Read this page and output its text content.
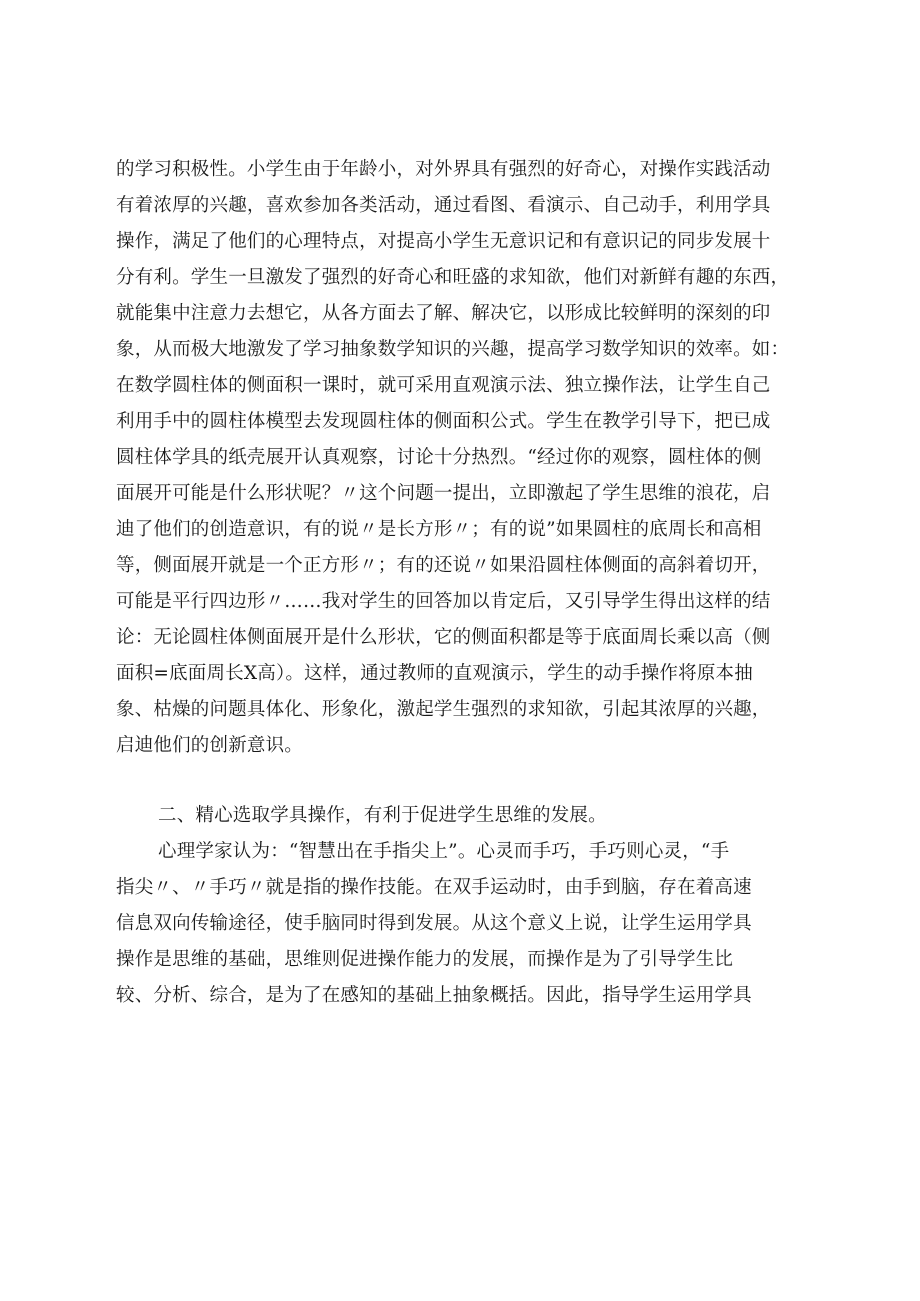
的学习积极性。小学生由于年龄小，对外界具有强烈的好奇心，对操作实践活动
有着浓厚的兴趣，喜欢参加各类活动，通过看图、看演示、自己动手，利用学具
操作，满足了他们的心理特点，对提高小学生无意识记和有意识记的同步发展十
分有利。学生一旦激发了强烈的好奇心和旺盛的求知欲，他们对新鲜有趣的东西，
就能集中注意力去想它，从各方面去了解、解决它，以形成比较鲜明的深刻的印
象，从而极大地激发了学习抽象数学知识的兴趣，提高学习数学知识的效率。如：
在数学圆柱体的侧面积一课时，就可采用直观演示法、独立操作法，让学生自己
利用手中的圆柱体模型去发现圆柱体的侧面积公式。学生在教学引导下，把已成
圆柱体学具的纸壳展开认真观察，讨论十分热烈。“经过你的观察，圆柱体的侧
面展开可能是什么形状呢？〃这个问题一提出，立即激起了学生思维的浪花，启
迪了他们的创造意识，有的说〃是长方形〃；有的说”如果圆柱的底周长和高相
等，侧面展开就是一个正方形〃；有的还说〃如果沿圆柱体侧面的高斜着切开，
可能是平行四边形〃……我对学生的回答加以肯定后，又引导学生得出这样的结
论：无论圆柱体侧面展开是什么形状，它的侧面积都是等于底面周长乘以高（侧
面积=底面周长X高）。这样，通过教师的直观演示，学生的动手操作将原本抽
象、枯燥的问题具体化、形象化，激起学生强烈的求知欲，引起其浓厚的兴趣，
启迪他们的创新意识。
二、精心选取学具操作，有利于促进学生思维的发展。
心理学家认为：“智慧出在手指尖上”。心灵而手巧，手巧则心灵，“手
指尖〃、〃手巧〃就是指的操作技能。在双手运动时，由手到脑，存在着高速
信息双向传输途径，使手脑同时得到发展。从这个意义上说，让学生运用学具
操作是思维的基础，思维则促进操作能力的发展，而操作是为了引导学生比
较、分析、综合，是为了在感知的基础上抽象概括。因此，指导学生运用学具
